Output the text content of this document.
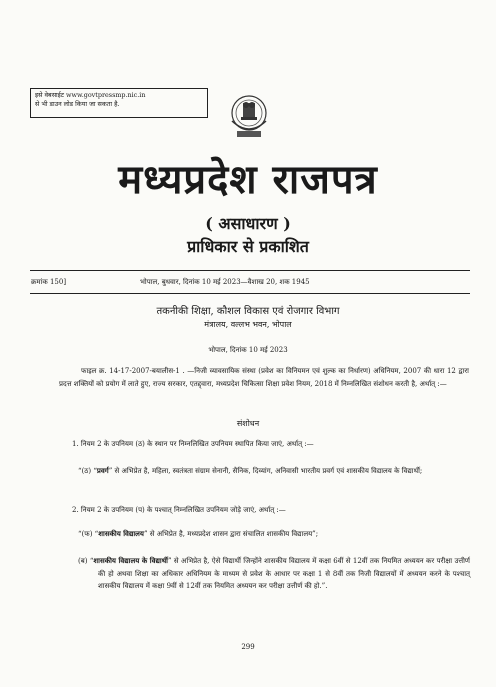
इसे वेबसाईट www.govtpressmp.nic.in
से भी डाउन लोड किया जा सकता है.
मध्यप्रदेश राजपत्र
( असाधारण )
प्राधिकार से प्रकाशित
क्रमांक 150]	भोपाल, बुधवार, दिनांक 10 मई 2023—वैशाख 20, शक 1945
तकनीकी शिक्षा, कौशल विकास एवं रोजगार विभाग
मंत्रालय, वल्लभ भवन, भोपाल
भोपाल, दिनांक 10 मई 2023
फाइल क्र. 14-17-2007-बयालीस-1 . —निजी व्यावसायिक संस्था (प्रवेश का विनियमन एवं शुल्क का निर्धारण) अधिनियम, 2007 की धारा 12 द्वारा प्रदत्त शक्तियों को प्रयोग में लाते हुए, राज्य सरकार, एतद्द्वारा, मध्यप्रदेश चिकित्सा शिक्षा प्रवेश नियम, 2018 में निम्नलिखित संशोधन करती है, अर्थात् :—
संशोधन
1. नियम 2 के उपनियम (ठ) के स्थान पर निम्नलिखित उपनियम स्थापित किया जाएं, अर्थात् :—
“(ठ) “प्रवर्ग” से अभिप्रेत है, महिला, स्वतंत्रता संग्राम सेनानी, सैनिक, दिव्यांग, अनिवासी भारतीय प्रवर्ग एवं शासकीय विद्यालय के विद्यार्थी;
2. नियम 2 के उपनियम (प) के पश्चात् निम्नलिखित उपनियम जोड़े जाएं, अर्थात् :—
“(फ) “शासकीय विद्यालय” से अभिप्रेत है, मध्यप्रदेश शासन द्वारा संचालित शासकीय विद्यालय”;
(ब) “शासकीय विद्यालय के विद्यार्थी” से अभिप्रेत है, ऐसे विद्यार्थी जिन्होंने शासकीय विद्यालय में कक्षा 6वीं से 12वीं तक नियमित अध्ययन कर परीक्षा उत्तीर्ण की हो अथवा शिक्षा का अधिकार अधिनियम के माध्यम से प्रवेश के आधार पर कक्षा 1 से 8वीं तक निजी विद्यालयों में अध्ययन करने के पश्चात् शासकीय विद्यालय में कक्षा 9वीं से 12वीं तक नियमित अध्ययन कर परीक्षा उत्तीर्ण की हो.”.
299
